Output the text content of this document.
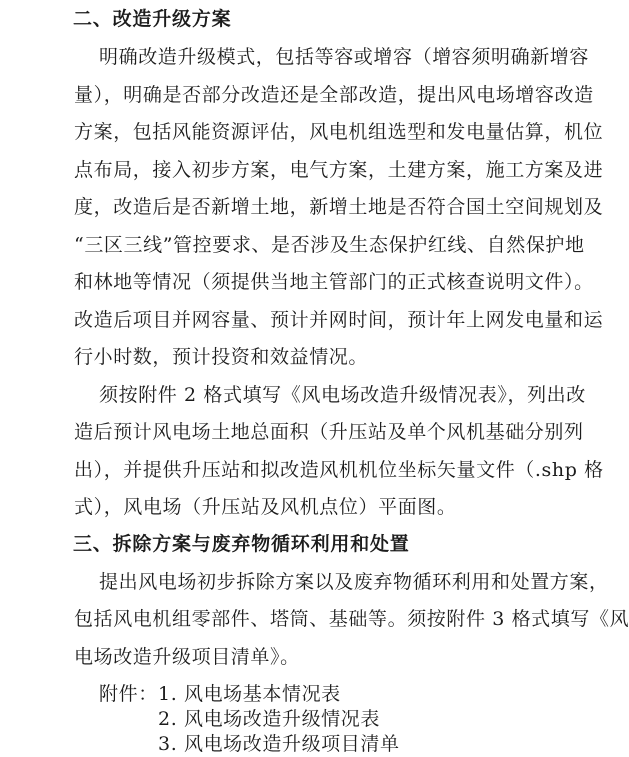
二、改造升级方案
明确改造升级模式，包括等容或增容（增容须明确新增容
量），明确是否部分改造还是全部改造，提出风电场增容改造
方案，包括风能资源评估，风电机组选型和发电量估算，机位
点布局，接入初步方案，电气方案，土建方案，施工方案及进
度，改造后是否新增土地，新增土地是否符合国土空间规划及
“三区三线”管控要求、是否涉及生态保护红线、自然保护地
和林地等情况（须提供当地主管部门的正式核查说明文件）。
改造后项目并网容量、预计并网时间，预计年上网发电量和运
行小时数，预计投资和效益情况。
须按附件 2 格式填写《风电场改造升级情况表》，列出改
造后预计风电场土地总面积（升压站及单个风机基础分别列
出），并提供升压站和拟改造风机机位坐标矢量文件（.shp 格
式），风电场（升压站及风机点位）平面图。
三、拆除方案与废弃物循环利用和处置
提出风电场初步拆除方案以及废弃物循环利用和处置方案，
包括风电机组零部件、塔筒、基础等。须按附件 3 格式填写《风
电场改造升级项目清单》。
附件： 1. 风电场基本情况表
2. 风电场改造升级情况表
3. 风电场改造升级项目清单
